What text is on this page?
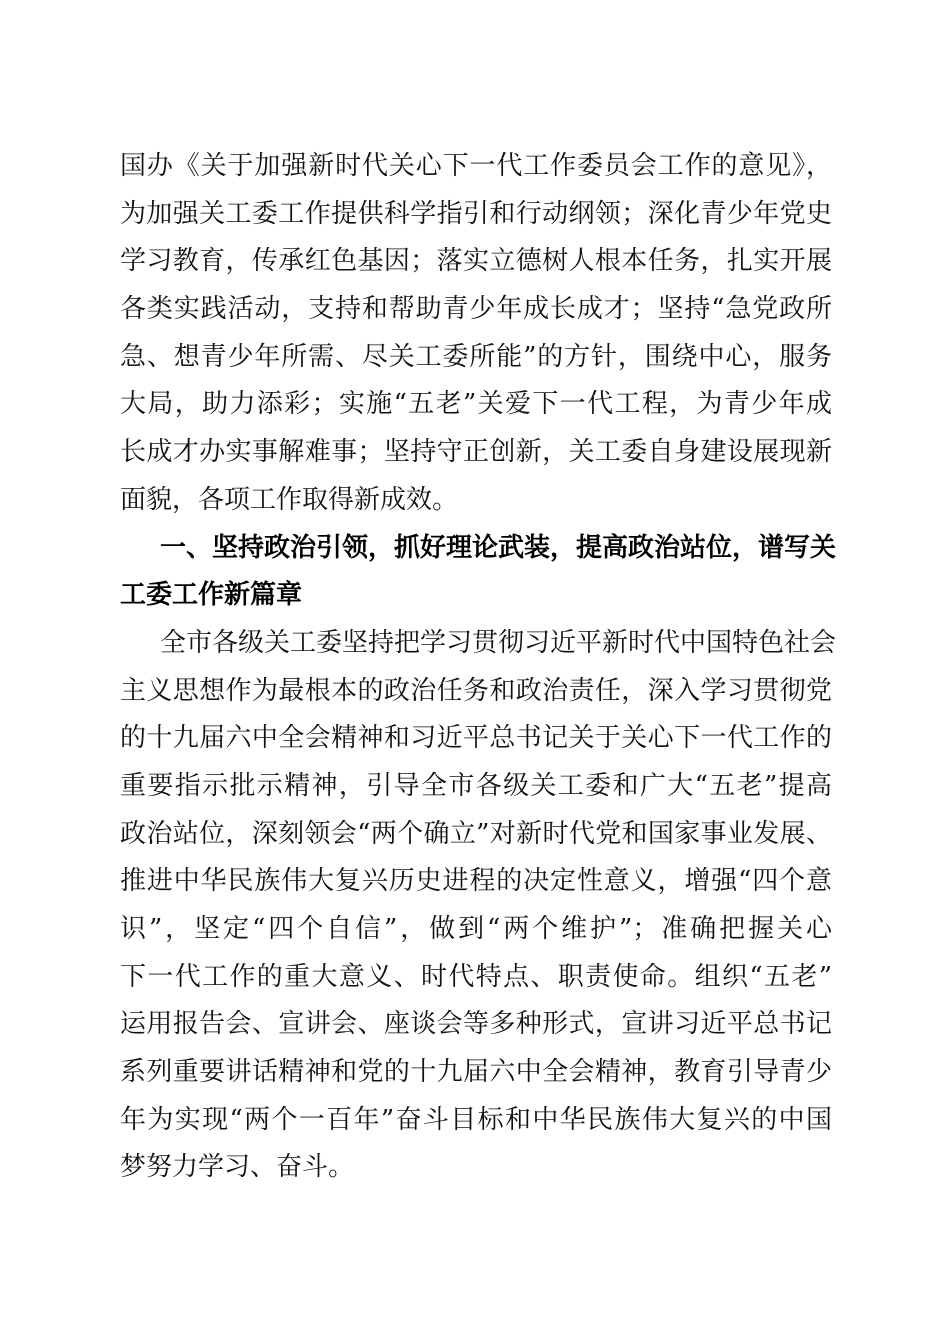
国办《关于加强新时代关心下一代工作委员会工作的意见》，
为加强关工委工作提供科学指引和行动纲领；深化青少年党史
学习教育，传承红色基因；落实立德树人根本任务，扎实开展
各类实践活动，支持和帮助青少年成长成才；坚持“急党政所
急、想青少年所需、尽关工委所能”的方针，围绕中心，服务
大局，助力添彩；实施“五老”关爱下一代工程，为青少年成
长成才办实事解难事；坚持守正创新，关工委自身建设展现新
面貌，各项工作取得新成效。
一、坚持政治引领，抓好理论武装，提高政治站位，谱写关
工委工作新篇章
全市各级关工委坚持把学习贯彻习近平新时代中国特色社会
主义思想作为最根本的政治任务和政治责任，深入学习贯彻党
的十九届六中全会精神和习近平总书记关于关心下一代工作的
重要指示批示精神，引导全市各级关工委和广大“五老”提高
政治站位，深刻领会“两个确立”对新时代党和国家事业发展、
推进中华民族伟大复兴历史进程的决定性意义，增强“四个意
识”，坚定“四个自信”，做到“两个维护”；准确把握关心
下一代工作的重大意义、时代特点、职责使命。组织“五老”
运用报告会、宣讲会、座谈会等多种形式，宣讲习近平总书记
系列重要讲话精神和党的十九届六中全会精神，教育引导青少
年为实现“两个一百年”奋斗目标和中华民族伟大复兴的中国
梦努力学习、奋斗。
